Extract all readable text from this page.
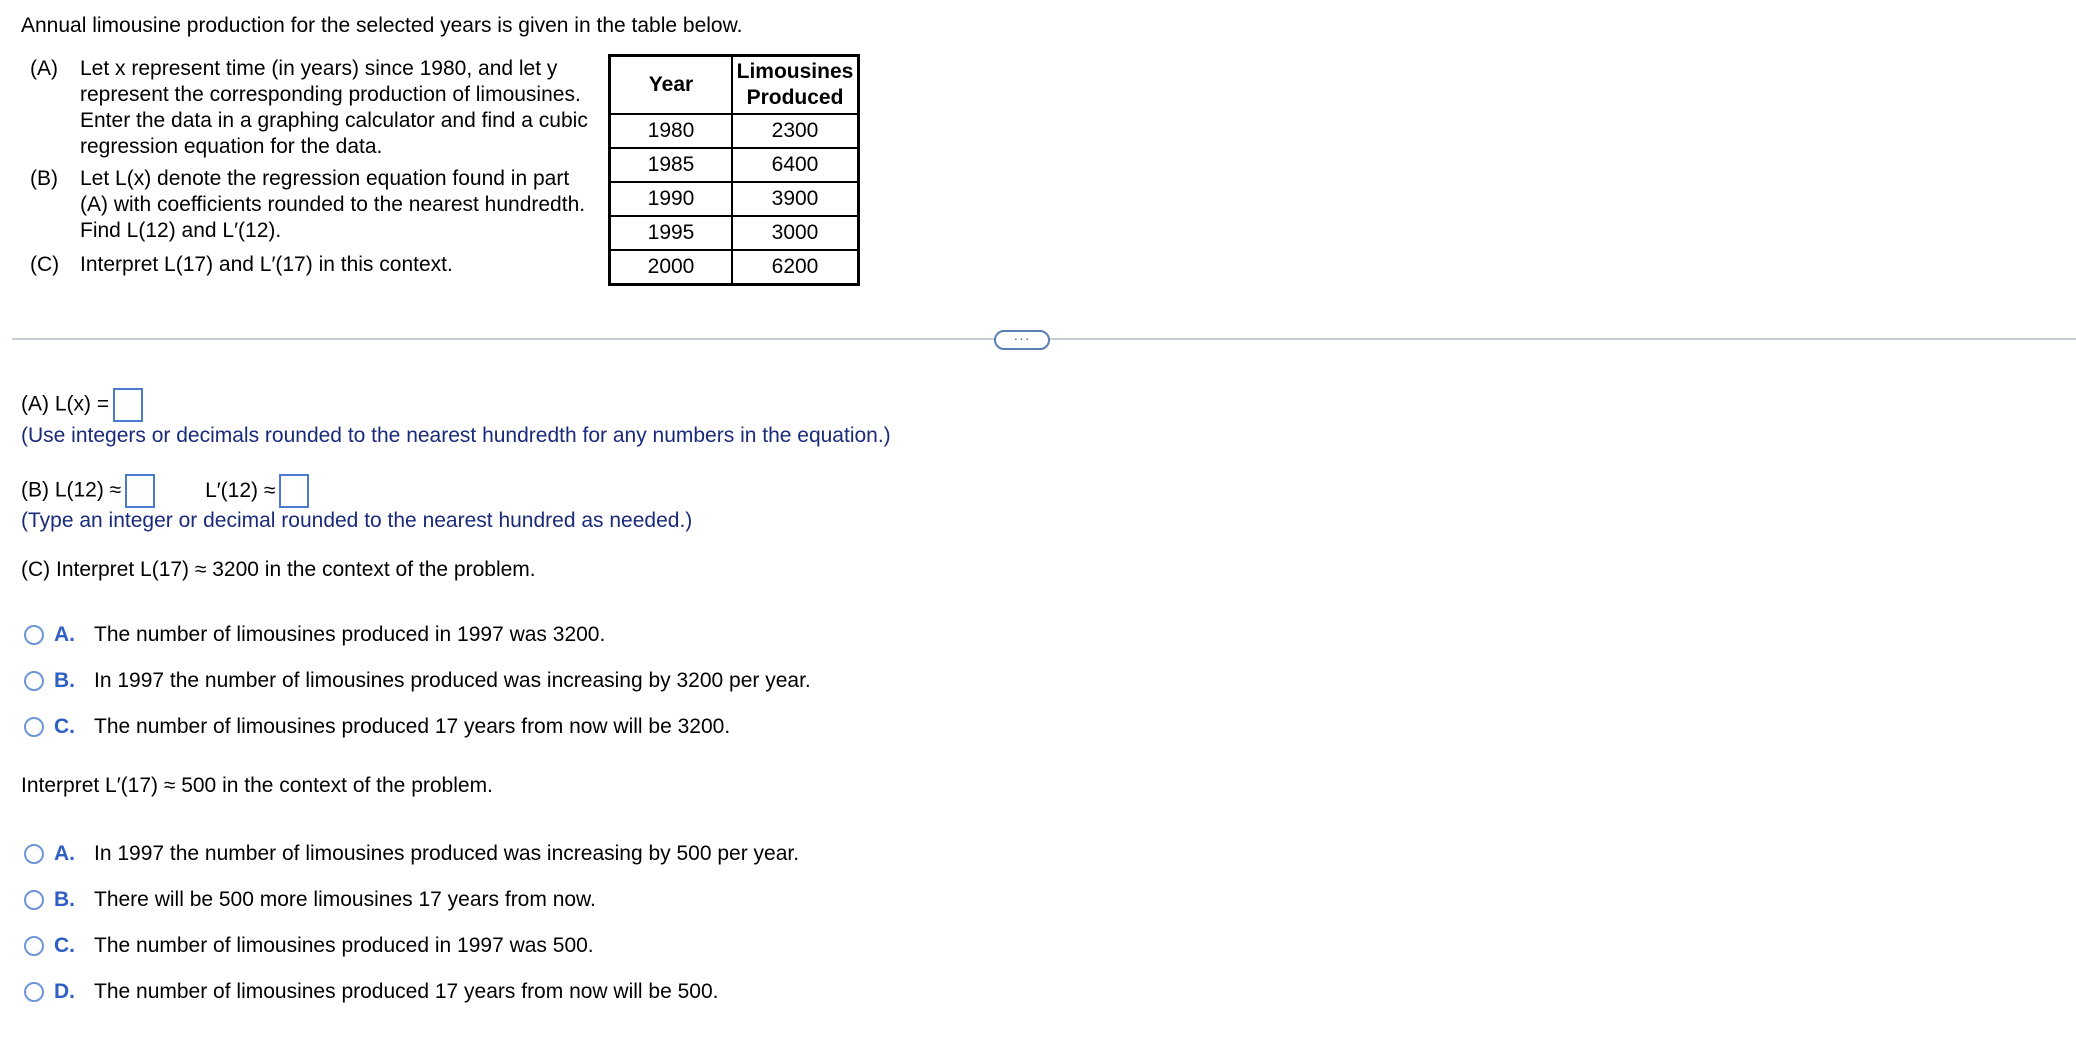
Annual limousine production for the selected years is given in the table below.
(A)	Let x represent time (in years) since 1980, and let y represent the corresponding production of limousines. Enter the data in a graphing calculator and find a cubic regression equation for the data.
(B)	Let L(x) denote the regression equation found in part (A) with coefficients rounded to the nearest hundredth. Find L(12) and L′(12).
(C) Interpret L(17) and L′(17) in this context.
Year	Limousines Produced
1980	2300
1985	6400
1990	3900
1995	3000
2000	6200
···
(A) L(x) =
(Use integers or decimals rounded to the nearest hundredth for any numbers in the equation.)
(B) L(12) ≈	L′(12) ≈
(Type an integer or decimal rounded to the nearest hundred as needed.)
(C) Interpret L(17) ≈ 3200 in the context of the problem.
A. The number of limousines produced in 1997 was 3200.
B. In 1997 the number of limousines produced was increasing by 3200 per year.
C. The number of limousines produced 17 years from now will be 3200.
Interpret L′(17) ≈ 500 in the context of the problem.
A. In 1997 the number of limousines produced was increasing by 500 per year.
B. There will be 500 more limousines 17 years from now.
C. The number of limousines produced in 1997 was 500.
D. The number of limousines produced 17 years from now will be 500.
